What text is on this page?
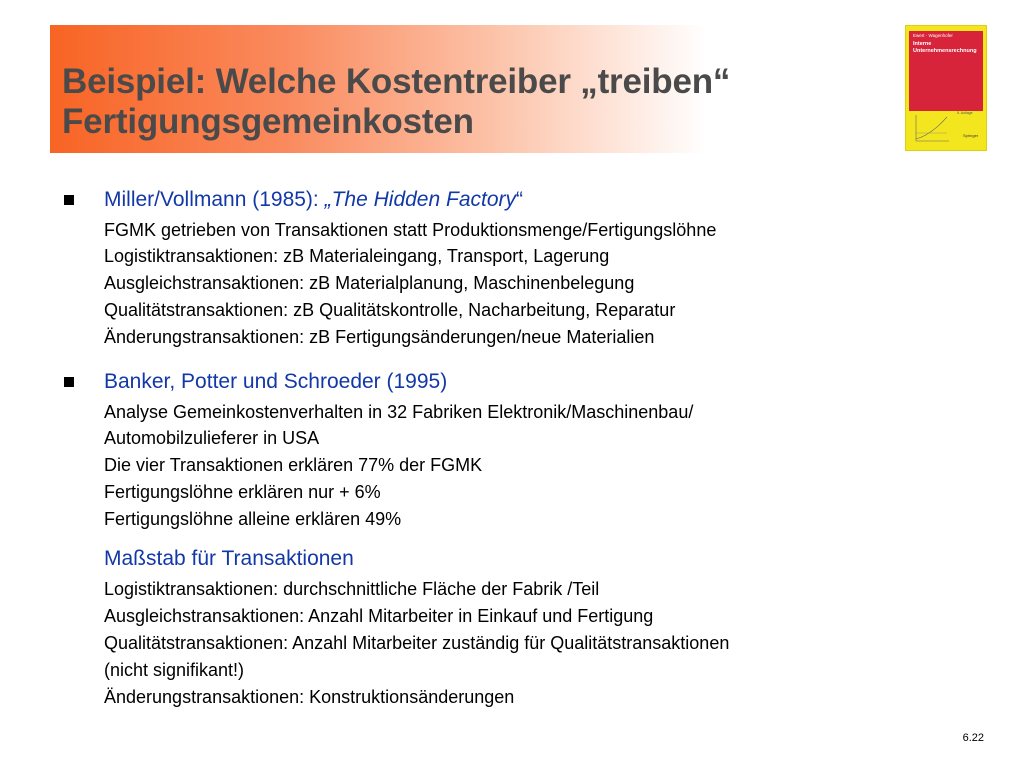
Beispiel: Welche Kostentreiber „treiben“
Fertigungsgemeinkosten
Ewert · Wagenhofer
Interne
Unternehmensrechnung
5. Auflage
Springer
Miller/Vollmann (1985): „The Hidden Factory“
FGMK getrieben von Transaktionen statt Produktionsmenge/Fertigungslöhne
Logistiktransaktionen: zB Materialeingang, Transport, Lagerung
Ausgleichstransaktionen: zB Materialplanung, Maschinenbelegung
Qualitätstransaktionen: zB Qualitätskontrolle, Nacharbeitung, Reparatur
Änderungstransaktionen: zB Fertigungsänderungen/neue Materialien
Banker, Potter und Schroeder (1995)
Analyse Gemeinkostenverhalten in 32 Fabriken Elektronik/Maschinenbau/
Automobilzulieferer in USA
Die vier Transaktionen erklären 77% der FGMK
Fertigungslöhne erklären nur + 6%
Fertigungslöhne alleine erklären 49%
Maßstab für Transaktionen
Logistiktransaktionen: durchschnittliche Fläche der Fabrik /Teil
Ausgleichstransaktionen: Anzahl Mitarbeiter in Einkauf und Fertigung
Qualitätstransaktionen: Anzahl Mitarbeiter zuständig für Qualitätstransaktionen
(nicht signifikant!)
Änderungstransaktionen: Konstruktionsänderungen
6.22
